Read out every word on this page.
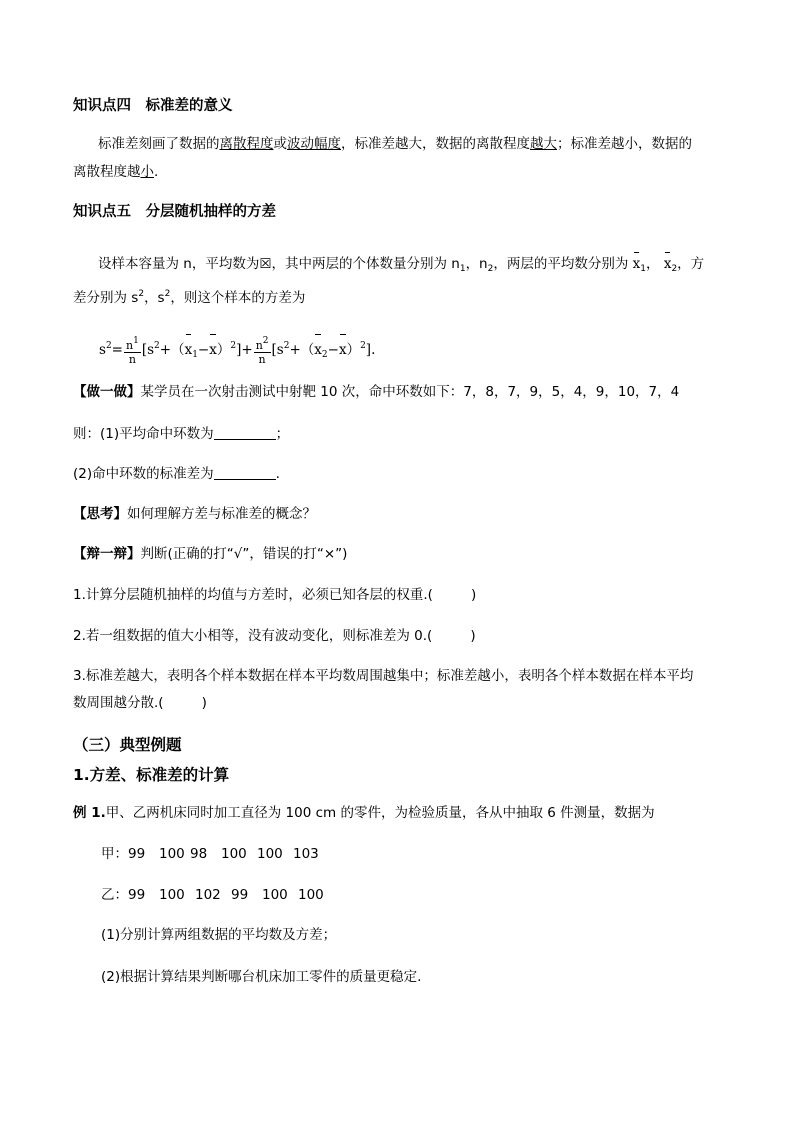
知识点四　标准差的意义
标准差刻画了数据的离散程度或波动幅度，标准差越大，数据的离散程度越大；标准差越小，数据的
离散程度越小.
知识点五　分层随机抽样的方差
设样本容量为 n，平均数为☒，其中两层的个体数量分别为 $n_1$，$n_2$，两层的平均数分别为 $x_1$， $x_2$，方
差分别为 $s^2$，$s^2$，则这个样本的方差为
$s^2= \frac{n^1}{n} [s^2+(x_1-x)^2]+ \frac{n^2}{n} [s^2+(x_2-x)^2]$.
【做一做】某学员在一次射击测试中射靶 10 次，命中环数如下：7，8，7，9，5，4，9，10，7，4
则：(1)平均命中环数为	；
(2)命中环数的标准差为	.
【思考】如何理解方差与标准差的概念？
【辩一辩】判断(正确的打“√”，错误的打“×”)
1.计算分层随机抽样的均值与方差时，必须已知各层的权重.(	)
2.若一组数据的值大小相等，没有波动变化，则标准差为 0.(	)
3.标准差越大，表明各个样本数据在样本平均数周围越集中；标准差越小，表明各个样本数据在样本平均
数周围越分散.(	)
（三）典型例题
1.方差、标准差的计算
例 1.甲、乙两机床同时加工直径为 100 cm 的零件，为检验质量，各从中抽取 6 件测量，数据为
甲：99 100 98 100 100 103
乙：99 100 102 99 100 100
(1)分别计算两组数据的平均数及方差；
(2)根据计算结果判断哪台机床加工零件的质量更稳定.
